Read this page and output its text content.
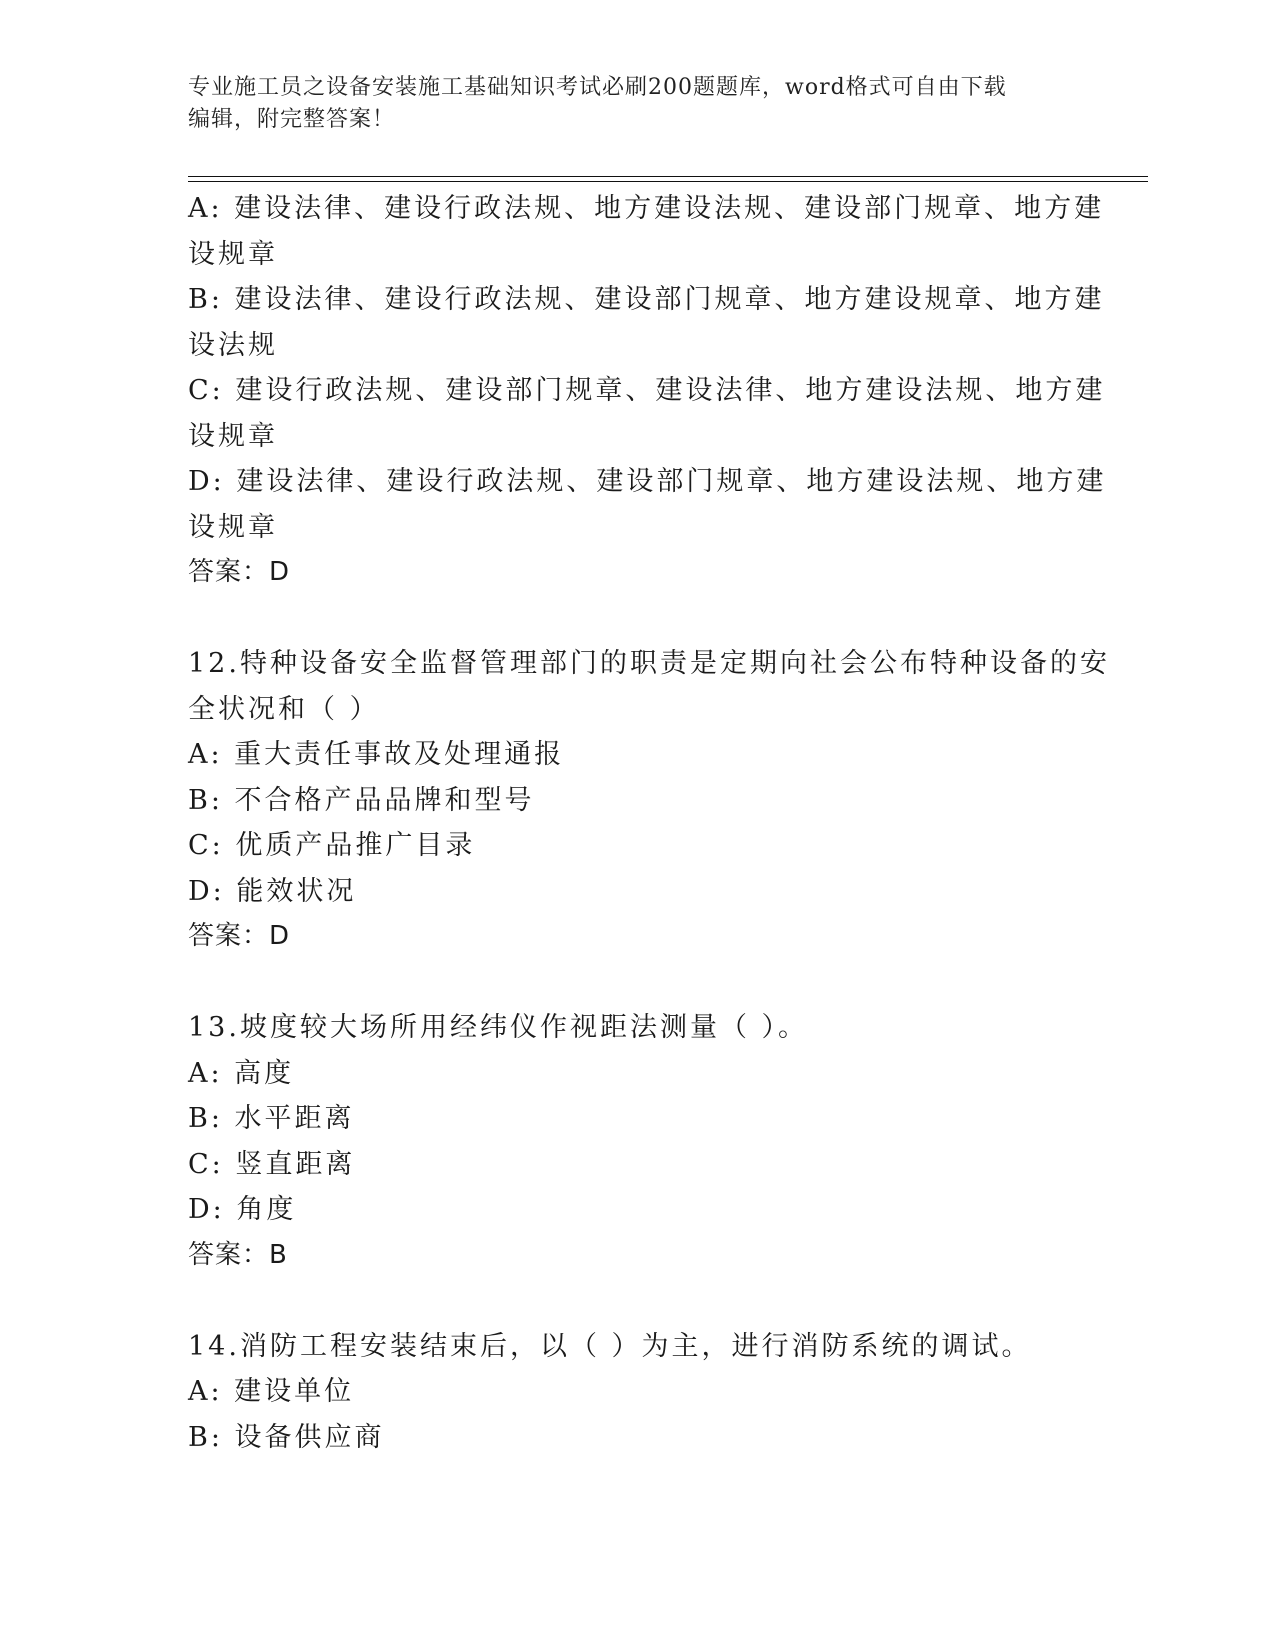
专业施工员之设备安装施工基础知识考试必刷200题题库，word格式可自由下载
编辑，附完整答案！
A: 建设法律、建设行政法规、地方建设法规、建设部门规章、地方建
设规章
B: 建设法律、建设行政法规、建设部门规章、地方建设规章、地方建
设法规
C: 建设行政法规、建设部门规章、建设法律、地方建设法规、地方建
设规章
D: 建设法律、建设行政法规、建设部门规章、地方建设法规、地方建
设规章
答案：D
12.特种设备安全监督管理部门的职责是定期向社会公布特种设备的安
全状况和（ ）
A: 重大责任事故及处理通报
B: 不合格产品品牌和型号
C: 优质产品推广目录
D: 能效状况
答案：D
13.坡度较大场所用经纬仪作视距法测量（ ）。
A: 高度
B: 水平距离
C: 竖直距离
D: 角度
答案：B
14.消防工程安装结束后，以（ ）为主，进行消防系统的调试。
A: 建设单位
B: 设备供应商
